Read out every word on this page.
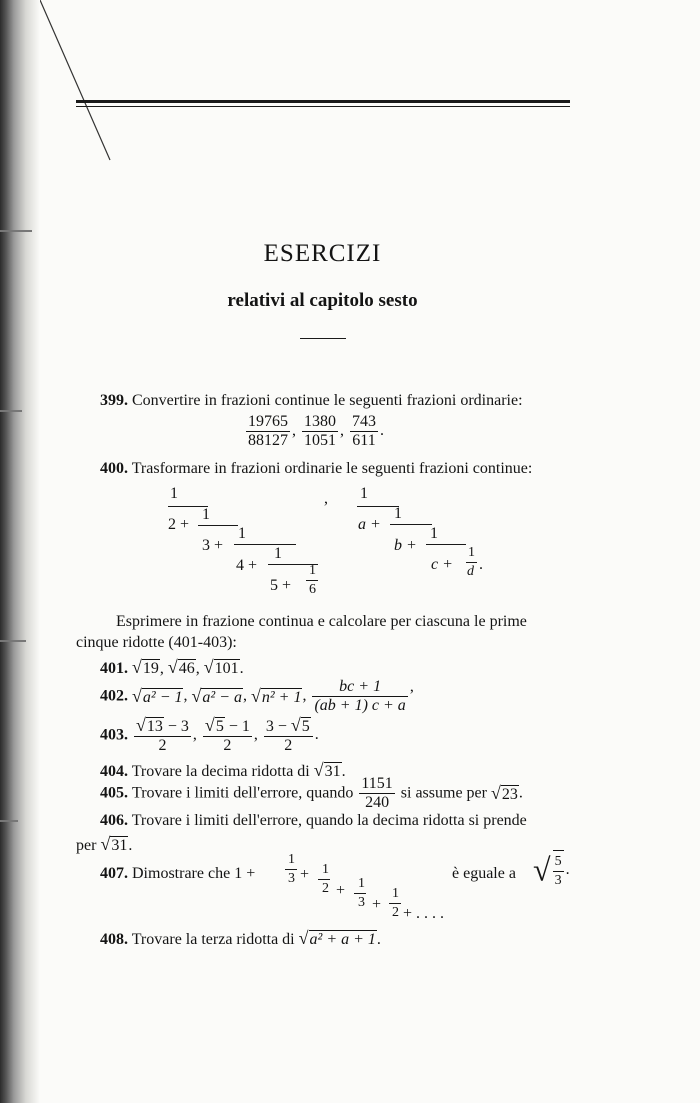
ESERCIZI
relativi al capitolo sesto
399. Convertire in frazioni continue le seguenti frazioni ordinarie:
$\frac{19765}{88127}$ , $\frac{1380}{1051}$ , $\frac{743}{611}$ .
400. Trasformare in frazioni ordinarie le seguenti frazioni continue:
1
2 +
1
3 +
1
4 +
1
5 +
1
6
, 1
a +
1
b +
1
c +
1
d .
Esprimere in frazione continua e calcolare per ciascuna le prime
cinque ridotte (401-403):
401. √19, √46, √101.
402. √a² − 1, √a² − a, √n² + 1, $\frac{bc + 1}{(ab + 1) c + a}$ ,
403. $\frac{√13 - 3}{2}$ , $\frac{√5 - 1}{2}$ , $\frac{3 - √5}{2}$ .
404. Trovare la decima ridotta di √31.
405. Trovare i limiti dell'errore, quando $\frac{1151}{240}$ si assume per √23.
406. Trovare i limiti dell'errore, quando la decima ridotta si prende
per √31.
407. Dimostrare che 1 +
1
3 + 1
2 + 1
3 +
1
2 + . . . .
è eguale a √ $\frac{5}{3}$ .
408. Trovare la terza ridotta di √a² + a + 1.
